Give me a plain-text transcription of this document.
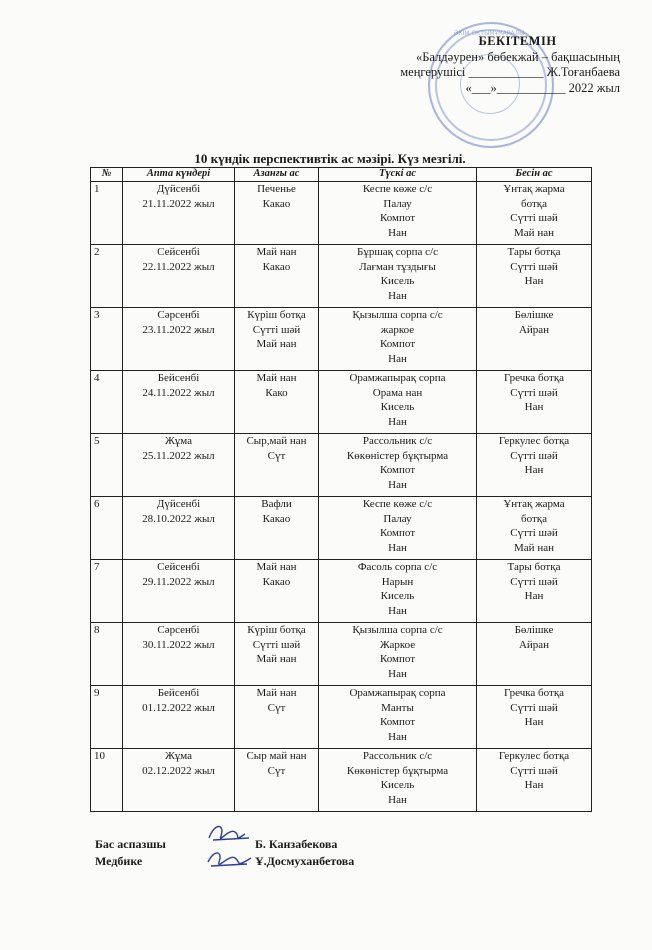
ӘКІМ ОҚТЫМҰНАРАЛЫ
БЕКІТЕМІН
«Балдәурен» бөбекжай – бақшасының
меңгерушісі ____________ Ж.Тоғанбаева
«___»___________ 2022 жыл
10 күндік перспективтік ас мәзірі. Күз мезгілі.
№	Апта күндері	Азанғы ас	Түскі ас	Бесін ас
1	Дүйсенбі
21.11.2022 жыл	Печенье
Какао	Кеспе көже с/с
Палау
Компот
Нан	Ұнтақ жарма
ботқа
Сүтті шәй
Май нан

2	Сейсенбі
22.11.2022 жыл	Май нан
Какао	Бұршақ сорпа с/с
Лағман тұздығы
Кисель
Нан	Тары ботқа
Сүтті шәй
Нан

3	Сәрсенбі
23.11.2022 жыл	Күріш ботқа
Сүтті шәй
Май нан	Қызылша сорпа с/с
жаркое
Компот
Нан	Бөлішке
Айран

4	Бейсенбі
24.11.2022 жыл	Май нан
Како	Орамжапырақ сорпа
Орама нан
Кисель
Нан	Гречка ботқа
Сүтті шәй
Нан

5	Жұма
25.11.2022 жыл	Сыр,май нан
Сүт	Рассольник с/с
Көкөністер бұқтырма
Компот
Нан	Геркулес ботқа
Сүтті шәй
Нан

6	Дүйсенбі
28.10.2022 жыл	Вафли
Какао	Кеспе көже с/с
Палау
Компот
Нан	Ұнтақ жарма
ботқа
Сүтті шәй
Май нан

7	Сейсенбі
29.11.2022 жыл	Май нан
Какао	Фасоль сорпа с/с
Нарын
Кисель
Нан	Тары ботқа
Сүтті шәй
Нан

8	Сәрсенбі
30.11.2022 жыл	Күріш ботқа
Сүтті шәй
Май нан	Қызылша сорпа с/с
Жаркое
Компот
Нан	Бөлішке
Айран

9	Бейсенбі
01.12.2022 жыл	Май нан
Сүт	Орамжапырақ сорпа
Манты
Компот
Нан	Гречка ботқа
Сүтті шәй
Нан

10	Жұма
02.12.2022 жыл	Сыр май нан
Сүт	Рассольник с/с
Көкөністер бұқтырма
Кисель
Нан	Геркулес ботқа
Сүтті шәй
Нан
Бас аспазшы	Б. Канзабекова
Медбике	Ұ.Досмуханбетова
